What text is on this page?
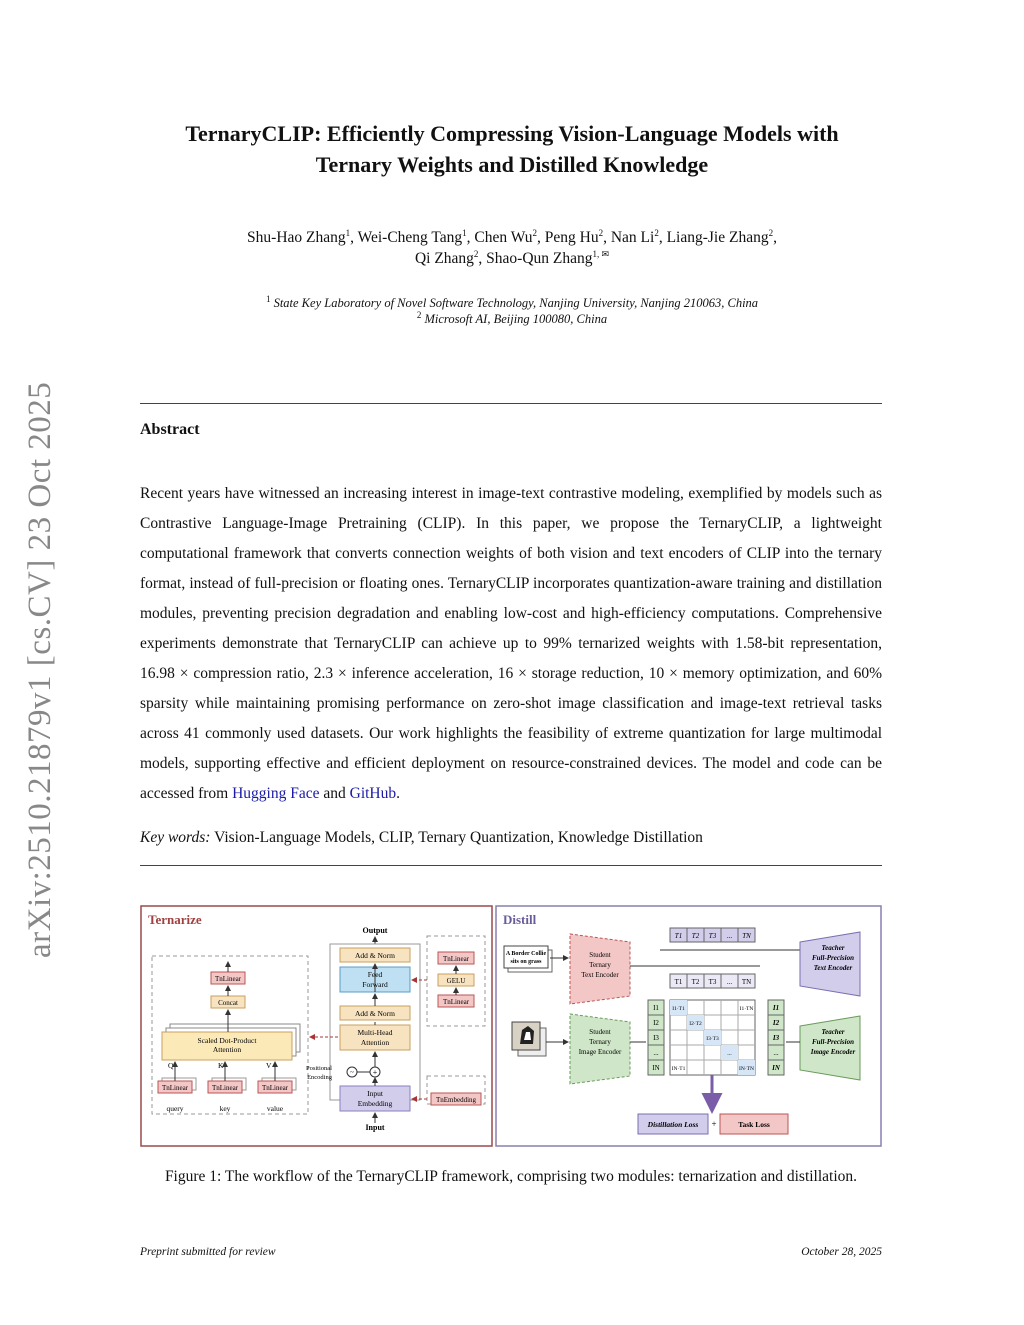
arXiv:2510.21879v1 [cs.CV] 23 Oct 2025
TernaryCLIP: Efficiently Compressing Vision-Language Models with
Ternary Weights and Distilled Knowledge
Shu-Hao Zhang$^1$, Wei-Cheng Tang$^1$, Chen Wu$^2$, Peng Hu$^2$, Nan Li$^2$, Liang-Jie Zhang$^2$,
Qi Zhang$^2$, Shao-Qun Zhang$^{1, ✉}$
$^1$ State Key Laboratory of Novel Software Technology, Nanjing University, Nanjing 210063, China
$^2$ Microsoft AI, Beijing 100080, China
Abstract
Recent years have witnessed an increasing interest in image-text contrastive modeling, exemplified by models such as Contrastive Language-Image Pretraining (CLIP). In this paper, we propose the TernaryCLIP, a lightweight computational framework that converts connection weights of both vision and text encoders of CLIP into the ternary format, instead of full-precision or floating ones. TernaryCLIP incorporates quantization-aware training and distillation modules, preventing precision degradation and enabling low-cost and high-efficiency computations. Comprehensive experiments demonstrate that TernaryCLIP can achieve up to 99% ternarized weights with 1.58-bit representation, 16.98 × compression ratio, 2.3 × inference acceleration, 16 × storage reduction, 10 × memory optimization, and 60% sparsity while maintaining promising performance on zero-shot image classification and image-text retrieval tasks across 41 commonly used datasets. Our work highlights the feasibility of extreme quantization for large multimodal models, supporting effective and efficient deployment on resource-constrained devices. The model and code can be accessed from Hugging Face and GitHub.
Key words: Vision-Language Models, CLIP, Ternary Quantization, Knowledge Distillation
Ternarize
TnLinear
Concat
Scaled Dot-Product
Attention
Q	K	V
TnLinear	TnLinear	TnLinear
query	key	value
Output
Add & Norm
Feed
Forward
Add & Norm
Multi-Head
Attention
+
~
Positional
Encoding
Input
Embedding
Input
TnLinear
GELU
TnLinear
TnEmbedding
Distill
A Border Collie
sits on grass
Student
Ternary
Text Encoder
Student
Ternary
Image Encoder
T1 T2 T3 ... TN
T1 T2 T3 ... TN
Teacher
Full-Precision
Text Encoder
Teacher
Full-Precision
Image Encoder
I1
I2
I3
...
IN
I1
I2
I3
...
IN
I1·T1	I1·TN
I2·T2
I3·T3
...
IN·T1	IN·TN
Distillation Loss +	Task Loss
Figure 1: The workflow of the TernaryCLIP framework, comprising two modules: ternarization and distillation.
Preprint submitted for review	October 28, 2025
